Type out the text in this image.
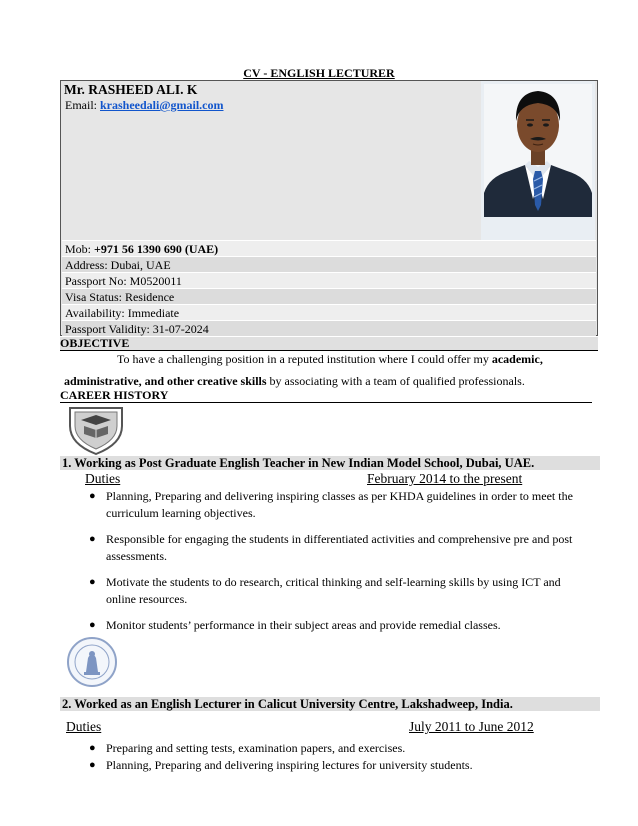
CV - ENGLISH LECTURER
Mr. RASHEED ALI. K
Email: krasheedali@gmail.com
Mob: +971 56 1390 690 (UAE)
Address: Dubai, UAE
Passport No: M0520011
Visa Status: Residence
Availability: Immediate
Passport Validity: 31-07-2024
OBJECTIVE
To have a challenging position in a reputed institution where I could offer my academic,
administrative, and other creative skills by associating with a team of qualified professionals.
CAREER HISTORY
1. Working as Post Graduate English Teacher in New Indian Model School, Dubai, UAE.
Duties	February 2014 to the present
● Planning, Preparing and delivering inspiring classes as per KHDA guidelines in order to meet the curriculum learning objectives.
● Responsible for engaging the students in differentiated activities and comprehensive pre and post assessments.
● Motivate the students to do research, critical thinking and self-learning skills by using ICT and online resources.
● Monitor students’ performance in their subject areas and provide remedial classes.
2. Worked as an English Lecturer in Calicut University Centre, Lakshadweep, India.
Duties	July 2011 to June 2012
● Preparing and setting tests, examination papers, and exercises.
● Planning, Preparing and delivering inspiring lectures for university students.
